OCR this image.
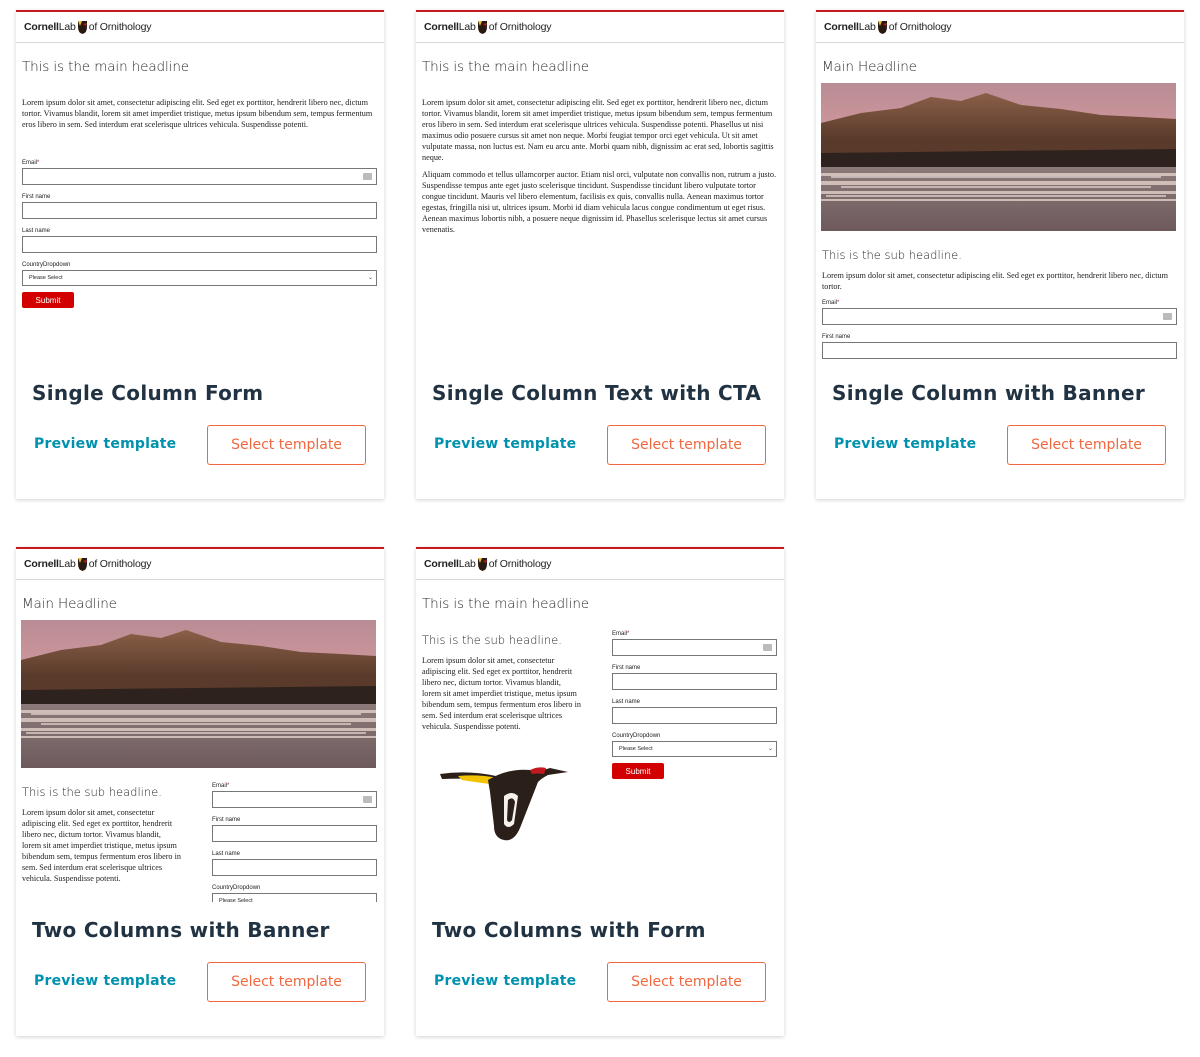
Cornell Lab of Ornithology
This is the main headline
Lorem ipsum dolor sit amet, consectetur adipiscing elit. Sed eget ex porttitor, hendrerit libero nec, dictum tortor. Vivamus blandit, lorem sit amet imperdiet tristique, metus ipsum bibendum sem, tempus fermentum eros libero in sem. Sed interdum erat scelerisque ultrices vehicula. Suspendisse potenti.
Email*
First name
Last name
CountryDropdown
Please Select	⌄
Submit
Single Column Form
Preview template	Select template
Cornell Lab of Ornithology
This is the main headline
Lorem ipsum dolor sit amet, consectetur adipiscing elit. Sed eget ex porttitor, hendrerit libero nec, dictum tortor. Vivamus blandit, lorem sit amet imperdiet tristique, metus ipsum bibendum sem, tempus fermentum eros libero in sem. Sed interdum erat scelerisque ultrices vehicula. Suspendisse potenti. Phasellus ut nisi maximus odio posuere cursus sit amet non neque. Morbi feugiat tempor orci eget vehicula. Ut sit amet vulputate massa, non luctus est. Nam eu arcu ante. Morbi quam nibh, dignissim ac erat sed, lobortis sagittis neque.
Aliquam commodo et tellus ullamcorper auctor. Etiam nisl orci, vulputate non convallis non, rutrum a justo. Suspendisse tempus ante eget justo scelerisque tincidunt. Suspendisse tincidunt libero vulputate tortor congue tincidunt. Mauris vel libero elementum, facilisis ex quis, convallis nulla. Aenean maximus tortor egestas, fringilla nisi ut, ultrices ipsum. Morbi id diam vehicula lacus congue condimentum ut eget risus. Aenean maximus lobortis nibh, a posuere neque dignissim id. Phasellus scelerisque lectus sit amet cursus venenatis.
Single Column Text with CTA
Preview template	Select template
Cornell Lab of Ornithology
Main Headline
This is the sub headline.
Lorem ipsum dolor sit amet, consectetur adipiscing elit. Sed eget ex porttitor, hendrerit libero nec, dictum tortor.
Email*
First name
Single Column with Banner
Preview template	Select template
Cornell Lab of Ornithology
Main Headline
This is the sub headline.
Lorem ipsum dolor sit amet, consectetur adipiscing elit. Sed eget ex porttitor, hendrerit libero nec, dictum tortor. Vivamus blandit, lorem sit amet imperdiet tristique, metus ipsum bibendum sem, tempus fermentum eros libero in sem. Sed interdum erat scelerisque ultrices vehicula. Suspendisse potenti.
Email*
First name
Last name
CountryDropdown
Please Select
Two Columns with Banner
Preview template	Select template
Cornell Lab of Ornithology
This is the main headline
This is the sub headline.
Lorem ipsum dolor sit amet, consectetur adipiscing elit. Sed eget ex porttitor, hendrerit libero nec, dictum tortor. Vivamus blandit, lorem sit amet imperdiet tristique, metus ipsum bibendum sem, tempus fermentum eros libero in sem. Sed interdum erat scelerisque ultrices vehicula. Suspendisse potenti.
Email*
First name
Last name
CountryDropdown
Please Select	⌄
Submit
Two Columns with Form
Preview template	Select template
